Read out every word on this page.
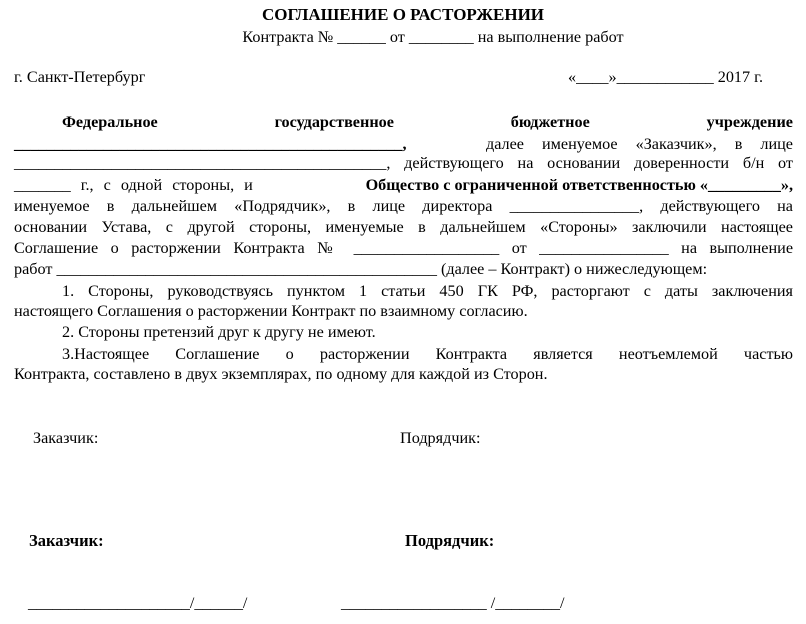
СОГЛАШЕНИЕ О РАСТОРЖЕНИИ
Контракта № ______ от ________ на выполнение работ
г. Санкт-Петербург	«____»____________ 2017 г.
Федеральное	государственное	бюджетное	учреждение
________________________________________________,	далее именуемое «Заказчик», в лице
______________________________________________, действующего на основании доверенности б/н от
_______ г., с одной стороны, и	Общество с ограниченной ответственностью «_________»,
именуемое в дальнейшем «Подрядчик», в лице директора ________________, действующего на
основании Устава, с другой стороны, именуемые в дальнейшем «Стороны» заключили настоящее
Соглашение о расторжении Контракта № __________________ от ________________ на выполнение
работ _______________________________________________ (далее – Контракт) о нижеследующем:
1. Стороны, руководствуясь пунктом 1 статьи 450 ГК РФ, расторгают с даты заключения
настоящего Соглашения о расторжении Контракт по взаимному согласию.
2. Стороны претензий друг к другу не имеют.
3.Настоящее Соглашение о расторжении Контракта является неотъемлемой частью
Контракта, составлено в двух экземплярах, по одному для каждой из Сторон.
Заказчик:	Подрядчик:
Заказчик:	Подрядчик:
____________________/______/	__________________ /________/
